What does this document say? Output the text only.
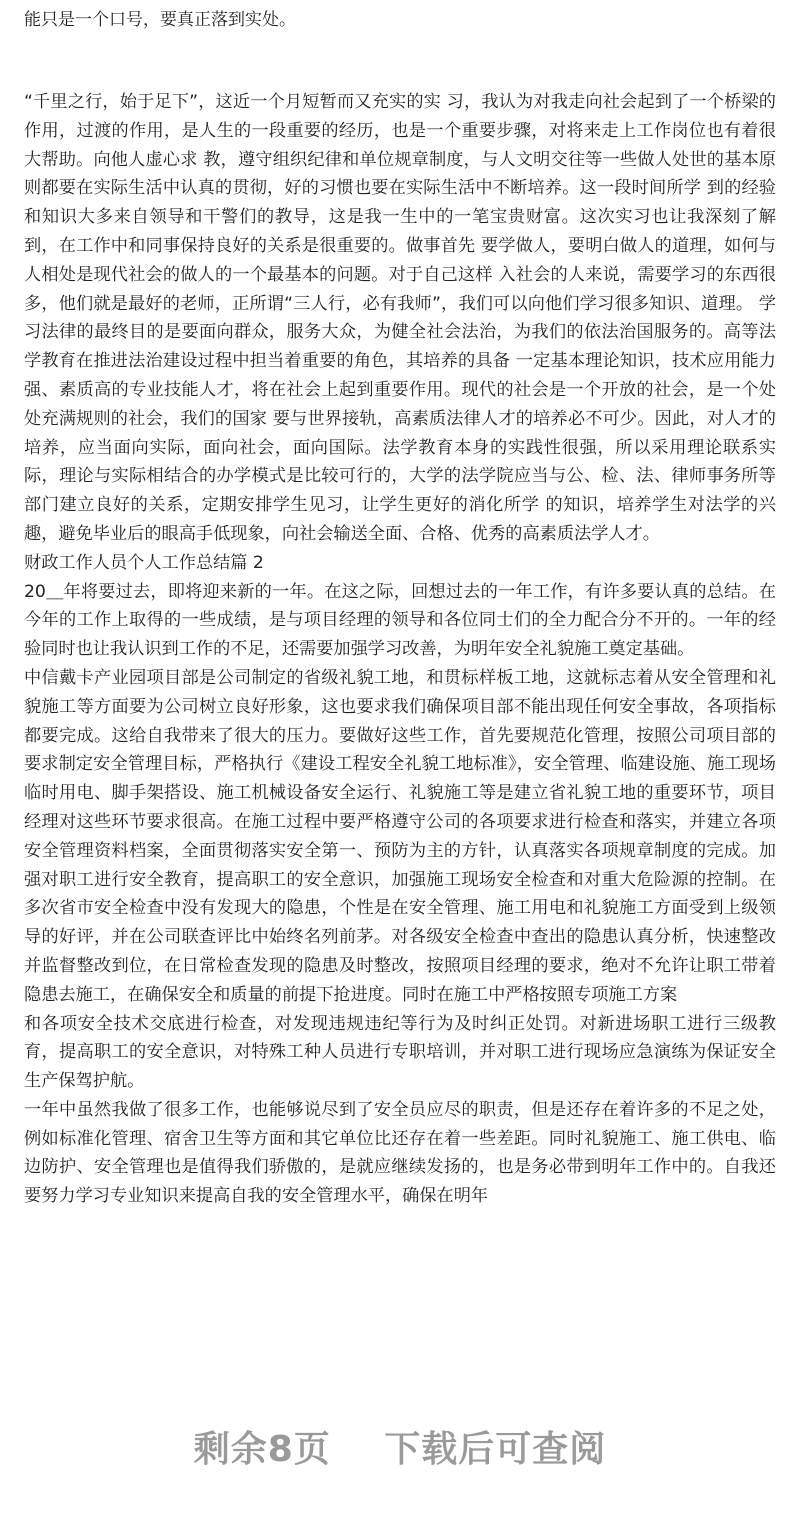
能只是一个口号，要真正落到实处。

“千里之行，始于足下”，这近一个月短暂而又充实的实 习，我认为对我走向社会起到了一个桥梁的作用，过渡的作用，是人生的一段重要的经历，也是一个重要步骤，对将来走上工作岗位也有着很大帮助。向他人虚心求 教，遵守组织纪律和单位规章制度，与人文明交往等一些做人处世的基本原则都要在实际生活中认真的贯彻，好的习惯也要在实际生活中不断培养。这一段时间所学 到的经验和知识大多来自领导和干警们的教导，这是我一生中的一笔宝贵财富。这次实习也让我深刻了解到，在工作中和同事保持良好的关系是很重要的。做事首先 要学做人，要明白做人的道理，如何与人相处是现代社会的做人的一个最基本的问题。对于自己这样 入社会的人来说，需要学习的东西很多，他们就是最好的老师，正所谓“三人行，必有我师”，我们可以向他们学习很多知识、道理。 学习法律的最终目的是要面向群众，服务大众，为健全社会法治，为我们的依法治国服务的。高等法学教育在推进法治建设过程中担当着重要的角色，其培养的具备 一定基本理论知识，技术应用能力强、素质高的专业技能人才，将在社会上起到重要作用。现代的社会是一个开放的社会，是一个处处充满规则的社会，我们的国家 要与世界接轨，高素质法律人才的培养必不可少。因此，对人才的培养，应当面向实际，面向社会，面向国际。法学教育本身的实践性很强，所以采用理论联系实 际，理论与实际相结合的办学模式是比较可行的，大学的法学院应当与公、检、法、律师事务所等部门建立良好的关系，定期安排学生见习，让学生更好的消化所学 的知识，培养学生对法学的兴趣，避免毕业后的眼高手低现象，向社会输送全面、合格、优秀的高素质法学人才。

财政工作人员个人工作总结篇 2

20＿年将要过去，即将迎来新的一年。在这之际，回想过去的一年工作，有许多要认真的总结。在今年的工作上取得的一些成绩，是与项目经理的领导和各位同士们的全力配合分不开的。一年的经验同时也让我认识到工作的不足，还需要加强学习改善，为明年安全礼貌施工奠定基础。

中信戴卡产业园项目部是公司制定的省级礼貌工地，和贯标样板工地，这就标志着从安全管理和礼貌施工等方面要为公司树立良好形象，这也要求我们确保项目部不能出现任何安全事故，各项指标都要完成。这给自我带来了很大的压力。要做好这些工作，首先要规范化管理，按照公司项目部的要求制定安全管理目标，严格执行《建设工程安全礼貌工地标准》，安全管理、临建设施、施工现场临时用电、脚手架搭设、施工机械设备安全运行、礼貌施工等是建立省礼貌工地的重要环节，项目经理对这些环节要求很高。在施工过程中要严格遵守公司的各项要求进行检查和落实，并建立各项安全管理资料档案，全面贯彻落实安全第一、预防为主的方针，认真落实各项规章制度的完成。加强对职工进行安全教育，提高职工的安全意识，加强施工现场安全检查和对重大危险源的控制。在多次省市安全检查中没有发现大的隐患，个性是在安全管理、施工用电和礼貌施工方面受到上级领导的好评，并在公司联查评比中始终名列前茅。对各级安全检查中查出的隐患认真分析，快速整改并监督整改到位，在日常检查发现的隐患及时整改，按照项目经理的要求，绝对不允许让职工带着隐患去施工，在确保安全和质量的前提下抢进度。同时在施工中严格按照专项施工方案

和各项安全技术交底进行检查，对发现违规违纪等行为及时纠正处罚。对新进场职工进行三级教育，提高职工的安全意识，对特殊工种人员进行专职培训，并对职工进行现场应急演练为保证安全生产保驾护航。

一年中虽然我做了很多工作，也能够说尽到了安全员应尽的职责，但是还存在着许多的不足之处，例如标准化管理、宿舍卫生等方面和其它单位比还存在着一些差距。同时礼貌施工、施工供电、临边防护、安全管理也是值得我们骄傲的，是就应继续发扬的，也是务必带到明年工作中的。自我还要努力学习专业知识来提高自我的安全管理水平，确保在明年

剩余8页 下载后可查阅
